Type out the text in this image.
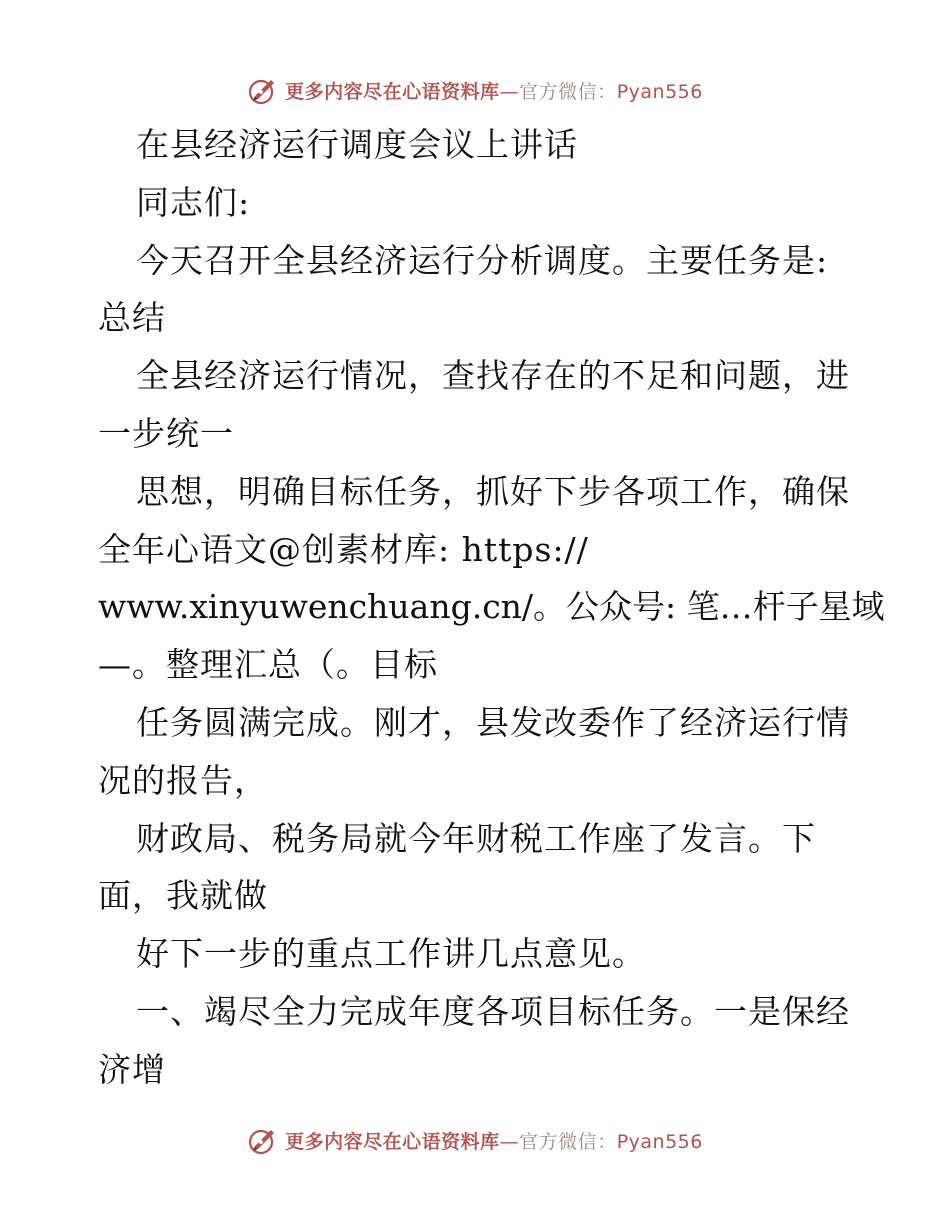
更多内容尽在心语资料库—官方微信：Pyan556
在县经济运行调度会议上讲话
同志们:
今天召开全县经济运行分析调度。主要任务是:
总结
全县经济运行情况，查找存在的不足和问题，进
一步统一
思想，明确目标任务，抓好下步各项工作，确保
全年心语文@创素材库: https://
www.xinyuwenchuang.cn/。公众号: 笔…杆子星域
—。整理汇总（。目标
任务圆满完成。刚才，县发改委作了经济运行情
况的报告，
财政局、税务局就今年财税工作座了发言。下
面，我就做
好下一步的重点工作讲几点意见。
一、竭尽全力完成年度各项目标任务。一是保经
济增
更多内容尽在心语资料库—官方微信：Pyan556
